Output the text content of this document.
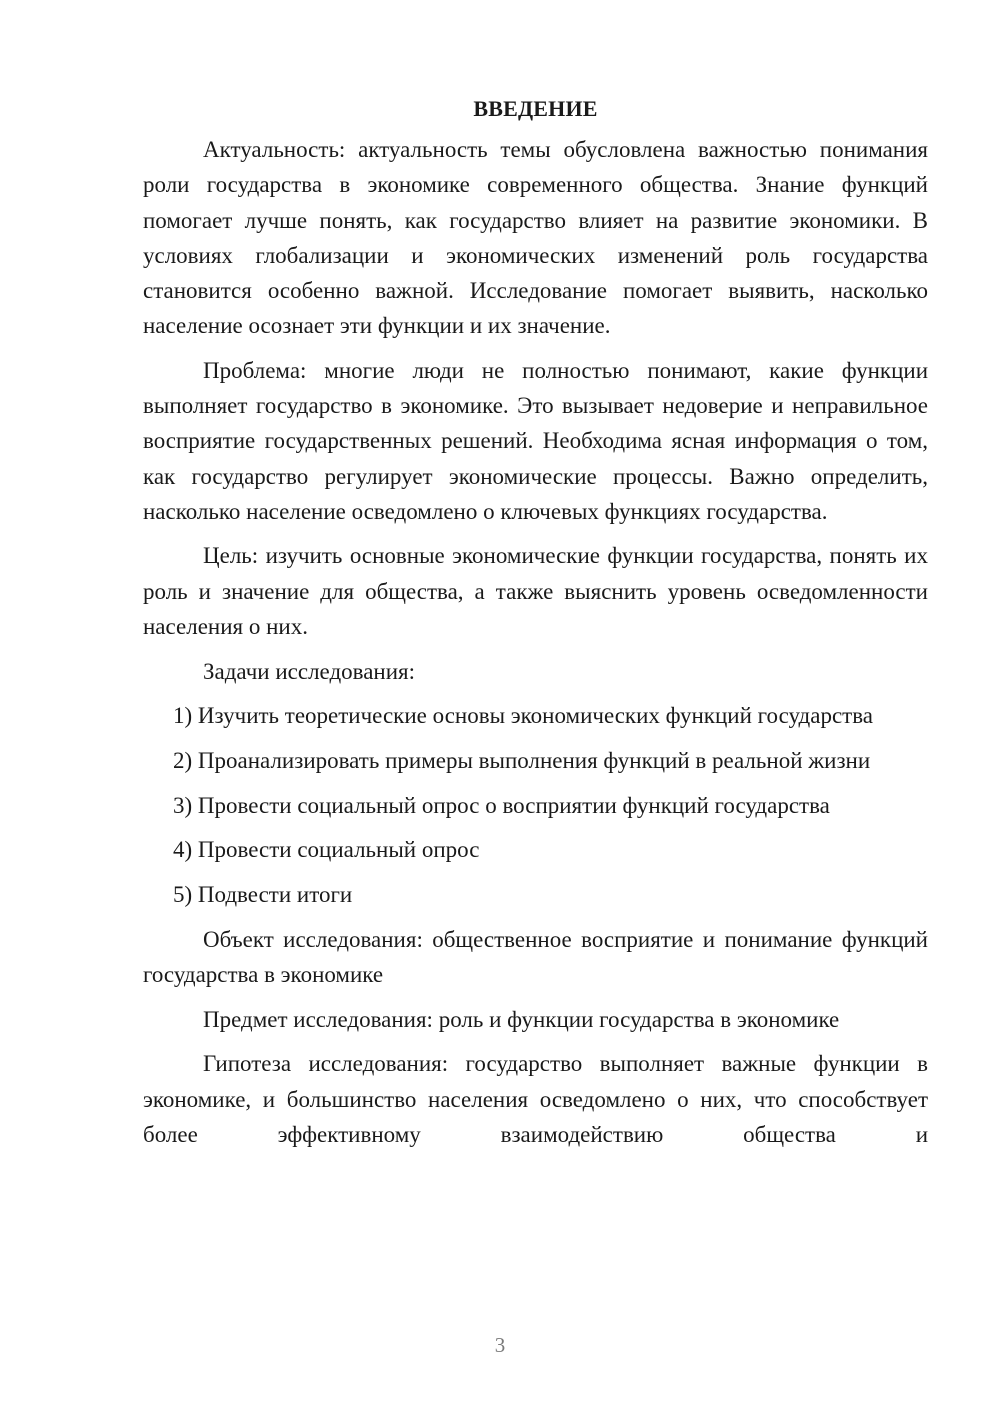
ВВЕДЕНИЕ

Актуальность: актуальность темы обусловлена важностью понимания роли государства в экономике современного общества. Знание функций помогает лучше понять, как государство влияет на развитие экономики. В условиях глобализации и экономических изменений роль государства становится особенно важной. Исследование помогает выявить, насколько население осознает эти функции и их значение.

Проблема: многие люди не полностью понимают, какие функции выполняет государство в экономике. Это вызывает недоверие и неправильное восприятие государственных решений. Необходима ясная информация о том, как государство регулирует экономические процессы. Важно определить, насколько население осведомлено о ключевых функциях государства.

Цель: изучить основные экономические функции государства, понять их роль и значение для общества, а также выяснить уровень осведомленности населения о них.

Задачи исследования:

1) Изучить теоретические основы экономических функций государства

2) Проанализировать примеры выполнения функций в реальной жизни

3) Провести социальный опрос о восприятии функций государства

4) Провести социальный опрос

5) Подвести итоги

Объект исследования: общественное восприятие и понимание функций государства в экономике

Предмет исследования: роль и функции государства в экономике

Гипотеза исследования: государство выполняет важные функции в экономике, и большинство населения осведомлено о них, что способствует более эффективному взаимодействию общества и

3
